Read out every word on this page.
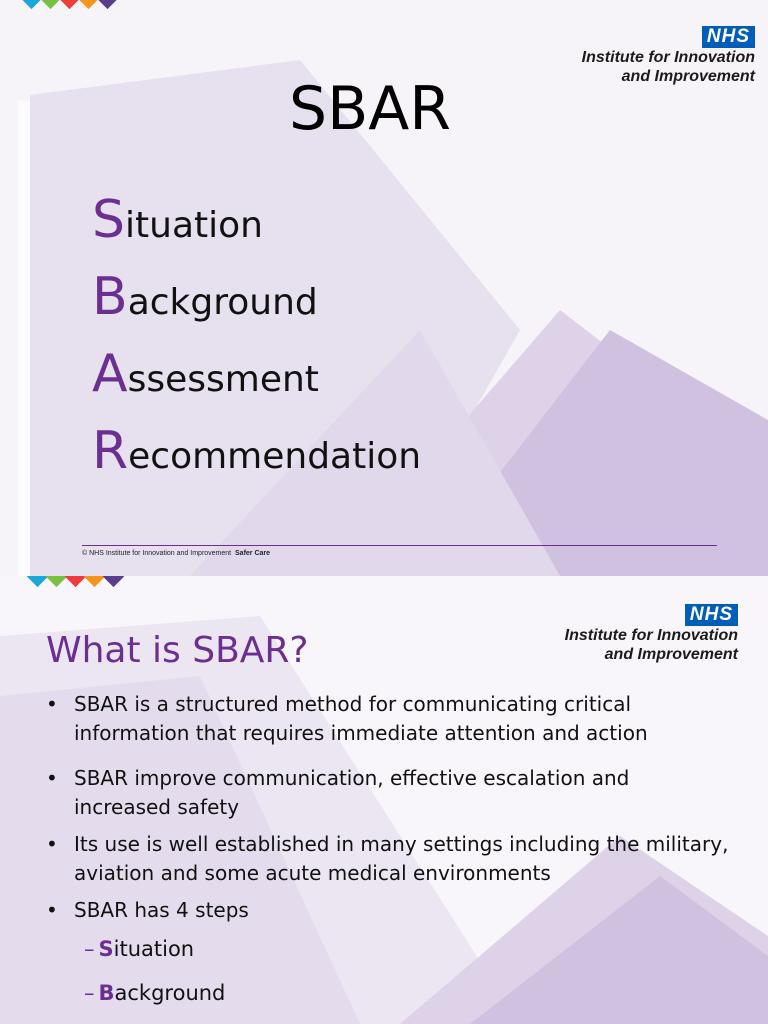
NHS
Institute for Innovation
and Improvement
SBAR
Situation
Background
Assessment
Recommendation
© NHS Institute for Innovation and Improvement Safer Care
NHS
Institute for Innovation
and Improvement
What is SBAR?
• SBAR is a structured method for communicating critical
information that requires immediate attention and action
• SBAR improve communication, effective escalation and
increased safety
• Its use is well established in many settings including the military,
aviation and some acute medical environments
• SBAR has 4 steps
– Situation
– Background
